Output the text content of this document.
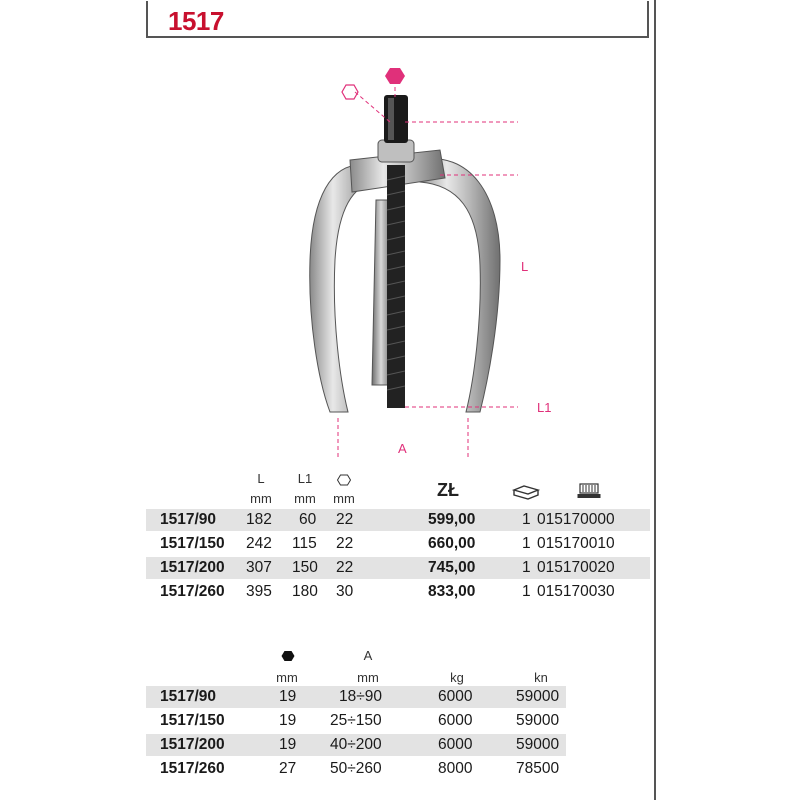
1517
L
L1
A
L	L1
mm mm mm	ZŁ
1517/90 182 60 22	599,00	1 015170000
1517/150 242 115 22	660,00	1 015170010
1517/200 307 150 22	745,00	1 015170020
1517/260 395 180 30	833,00	1 015170030
A
mm	mm	kg	kn
1517/90	19	18÷90	6000	59000
1517/150	19 25÷150	6000	59000
1517/200	19 40÷200	6000	59000
1517/260	27 50÷260	8000	78500
